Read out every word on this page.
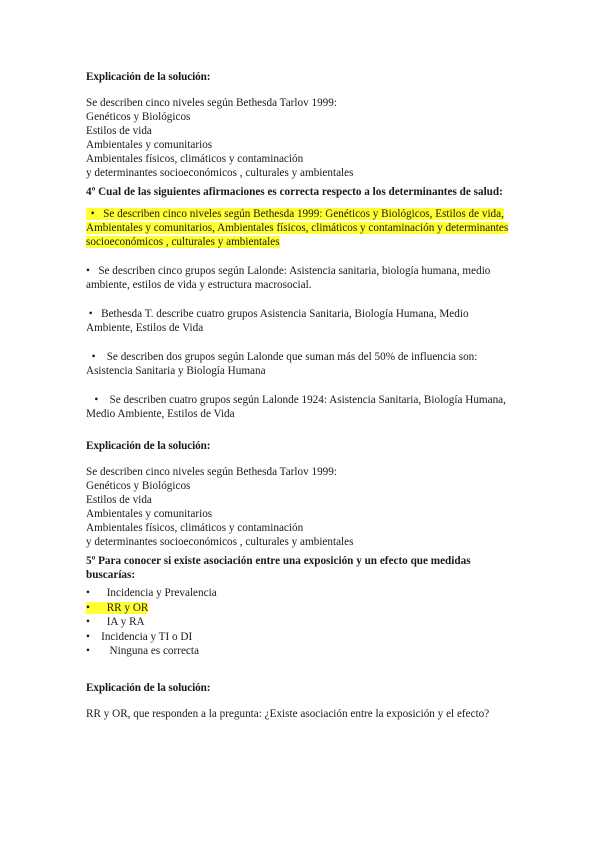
Explicación de la solución:
Se describen cinco niveles según Bethesda Tarlov 1999:
Genéticos y Biológicos
Estilos de vida
Ambientales y comunitarios
Ambientales físicos, climáticos y contaminación
y determinantes socioeconómicos , culturales y ambientales
4º Cual de las siguientes afirmaciones es correcta respecto a los determinantes de salud:
•   Se describen cinco niveles según Bethesda 1999: Genéticos y Biológicos, Estilos de vida, Ambientales y comunitarios, Ambientales físicos, climáticos y contaminación y determinantes socioeconómicos , culturales y ambientales
•   Se describen cinco grupos según Lalonde: Asistencia sanitaria, biología humana, medio ambiente, estilos de vida y estructura macrosocial.
•   Bethesda T. describe cuatro grupos Asistencia Sanitaria, Biología Humana, Medio Ambiente, Estilos de Vida
•    Se describen dos grupos según Lalonde que suman más del 50% de influencia son: Asistencia Sanitaria y Biología Humana
•    Se describen cuatro grupos según Lalonde 1924: Asistencia Sanitaria, Biología Humana, Medio Ambiente, Estilos de Vida
Explicación de la solución:
Se describen cinco niveles según Bethesda Tarlov 1999:
Genéticos y Biológicos
Estilos de vida
Ambientales y comunitarios
Ambientales físicos, climáticos y contaminación
y determinantes socioeconómicos , culturales y ambientales
5º Para conocer si existe asociación entre una exposición y un efecto que medidas buscarías:
•      Incidencia y Prevalencia
•      RR y OR
•      IA y RA
•    Incidencia y TI o DI
•       Ninguna es correcta
Explicación de la solución:
RR y OR, que responden a la pregunta: ¿Existe asociación entre la exposición y el efecto?
